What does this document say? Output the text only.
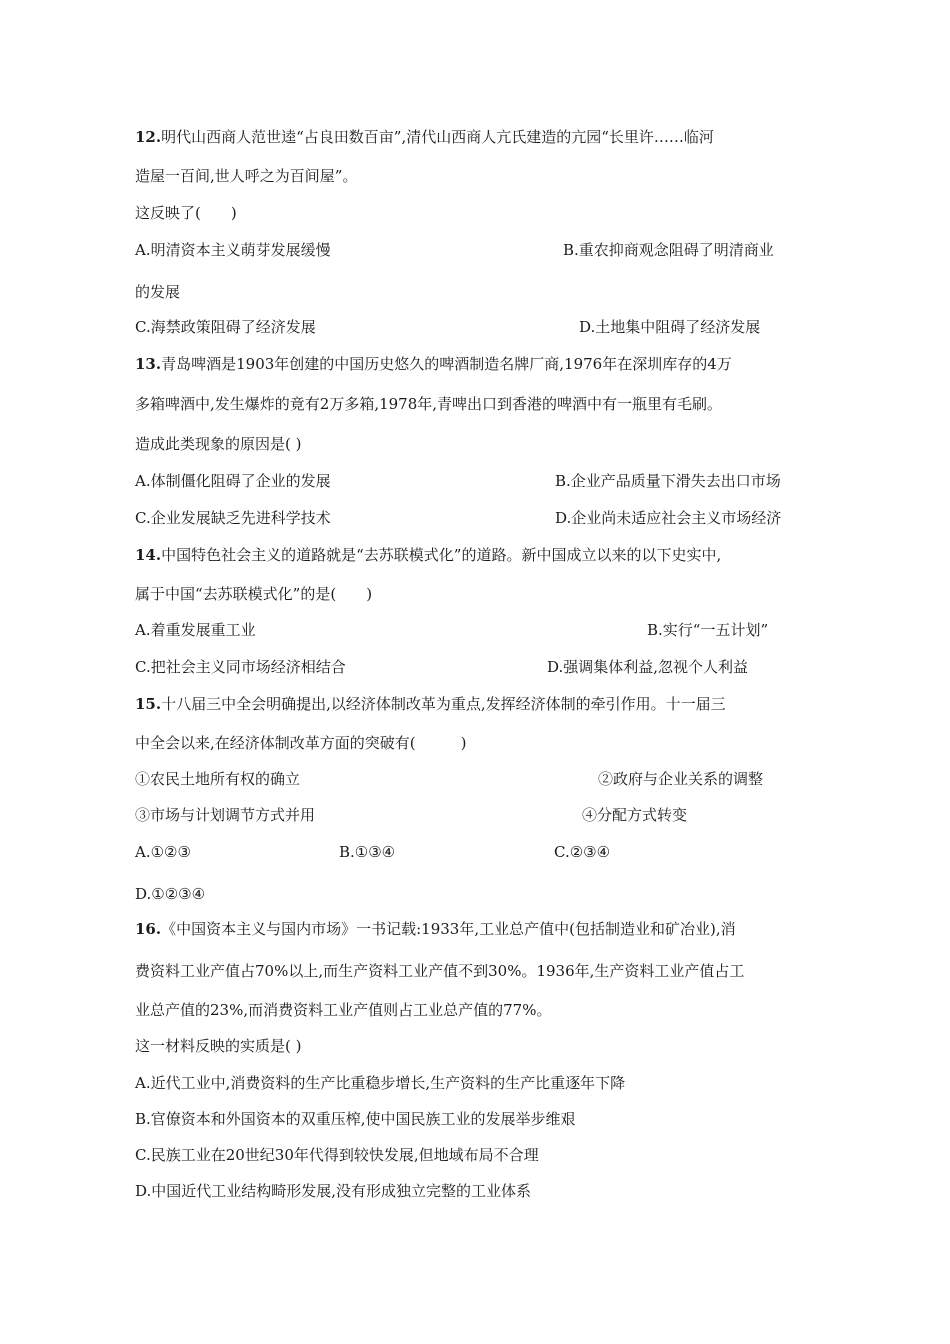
12.明代山西商人范世逵“占良田数百亩”,清代山西商人亢氏建造的亢园“长里许……临河
造屋一百间,世人呼之为百间屋”。
这反映了(　　)
A.明清资本主义萌芽发展缓慢	B.重农抑商观念阻碍了明清商业
的发展
C.海禁政策阻碍了经济发展	D.土地集中阻碍了经济发展
13.青岛啤酒是1903年创建的中国历史悠久的啤酒制造名牌厂商,1976年在深圳库存的4万
多箱啤酒中,发生爆炸的竟有2万多箱,1978年,青啤出口到香港的啤酒中有一瓶里有毛刷。
造成此类现象的原因是( )
A.体制僵化阻碍了企业的发展	B.企业产品质量下滑失去出口市场
C.企业发展缺乏先进科学技术	D.企业尚未适应社会主义市场经济
14.中国特色社会主义的道路就是“去苏联模式化”的道路。新中国成立以来的以下史实中,
属于中国“去苏联模式化”的是(　　)
A.着重发展重工业	B.实行“一五计划”
C.把社会主义同市场经济相结合	D.强调集体利益,忽视个人利益
15.十八届三中全会明确提出,以经济体制改革为重点,发挥经济体制的牵引作用。十一届三
中全会以来,在经济体制改革方面的突破有(　　　)
①农民土地所有权的确立	②政府与企业关系的调整
③市场与计划调节方式并用	④分配方式转变
A.①②③	B.①③④	C.②③④
D.①②③④
16.《中国资本主义与国内市场》一书记载:1933年,工业总产值中(包括制造业和矿冶业),消
费资料工业产值占70%以上,而生产资料工业产值不到30%。1936年,生产资料工业产值占工
业总产值的23%,而消费资料工业产值则占工业总产值的77%。
这一材料反映的实质是( )
A.近代工业中,消费资料的生产比重稳步增长,生产资料的生产比重逐年下降
B.官僚资本和外国资本的双重压榨,使中国民族工业的发展举步维艰
C.民族工业在20世纪30年代得到较快发展,但地域布局不合理
D.中国近代工业结构畸形发展,没有形成独立完整的工业体系
